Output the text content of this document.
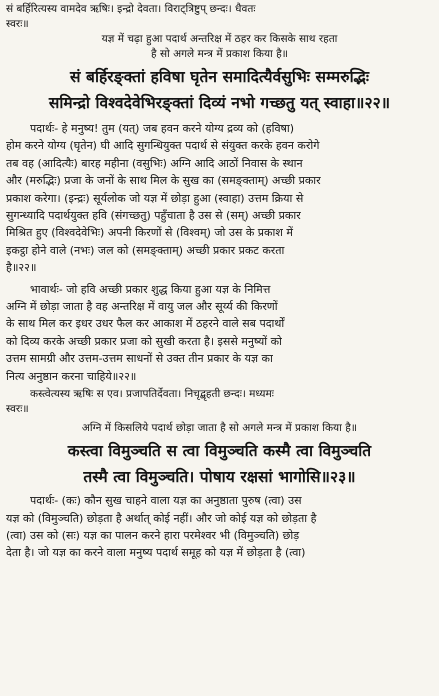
सं बर्हिरित्यस्य वामदेव ऋषिः। इन्द्रो देवता। विराट्त्रिष्टुप् छन्दः। धैवतः
स्वरः॥
यज्ञ में चढ़ा हुआ पदार्थ अन्तरिक्ष में ठहर कर किसके साथ रहता
है सो अगले मन्त्र में प्रकाश किया है॥
सं बर्हिरङ्क्तां हविषा घृतेन समादित्यैर्वसुभिः सम्मरुद्भिः
समिन्द्रो विश्वदेवेभिरङ्क्तां दिव्यं नभो गच्छतु यत् स्वाहा॥२२॥
पदार्थः- हे मनुष्य! तुम (यत्) जब हवन करने योग्य द्रव्य को (हविषा)
होम करने योग्य (घृतेन) घी आदि सुगन्धियुक्त पदार्थ से संयुक्त करके हवन करोगे
तब वह (आदित्यैः) बारह महीना (वसुभिः) अग्नि आदि आठों निवास के स्थान
और (मरुद्भिः) प्रजा के जनों के साथ मिल के सुख का (समङ्क्ताम्) अच्छी प्रकार
प्रकाश करेगा। (इन्द्रः) सूर्यलोक जो यज्ञ में छोड़ा हुआ (स्वाहा) उत्तम क्रिया से
सुगन्ध्यादि पदार्थयुक्त हवि (संगच्छतु) पहुँचाता है उस से (सम्) अच्छी प्रकार
मिश्रित हुए (विश्वदेवेभिः) अपनी किरणों से (विश्वम्) जो उस के प्रकाश में
इकट्ठा होने वाले (नभः) जल को (समङ्क्ताम्) अच्छी प्रकार प्रकट करता
है॥२२॥
भावार्थः- जो हवि अच्छी प्रकार शुद्ध किया हुआ यज्ञ के निमित्त
अग्नि में छोड़ा जाता है वह अन्तरिक्ष में वायु जल और सूर्य्य की किरणों
के साथ मिल कर इधर उधर फैल कर आकाश में ठहरने वाले सब पदार्थों
को दिव्य करके अच्छी प्रकार प्रजा को सुखी करता है। इससे मनुष्यों को
उत्तम सामग्री और उत्तम-उत्तम साधनों से उक्त तीन प्रकार के यज्ञ का
नित्य अनुष्ठान करना चाहिये॥२२॥
कस्त्वेत्यस्य ऋषिः स एव। प्रजापतिर्देवता। निचृद्बृहती छन्दः। मध्यमः
स्वरः॥
अग्नि में किसलिये पदार्थ छोड़ा जाता है सो अगले मन्त्र में प्रकाश किया है॥
कस्त्वा विमुञ्चति स त्वा विमुञ्चति कस्मै त्वा विमुञ्चति
तस्मै त्वा विमुञ्चति। पोषाय रक्षसां भागोसि॥२३॥
पदार्थः- (कः) कौन सुख चाहने वाला यज्ञ का अनुष्ठाता पुरुष (त्वा) उस
यज्ञ को (विमुञ्चति) छोड़ता है अर्थात् कोई नहीं। और जो कोई यज्ञ को छोड़ता है
(त्वा) उस को (सः) यज्ञ का पालन करने हारा परमेश्वर भी (विमुञ्चति) छोड़
देता है। जो यज्ञ का करने वाला मनुष्य पदार्थ समूह को यज्ञ में छोड़ता है (त्वा)
